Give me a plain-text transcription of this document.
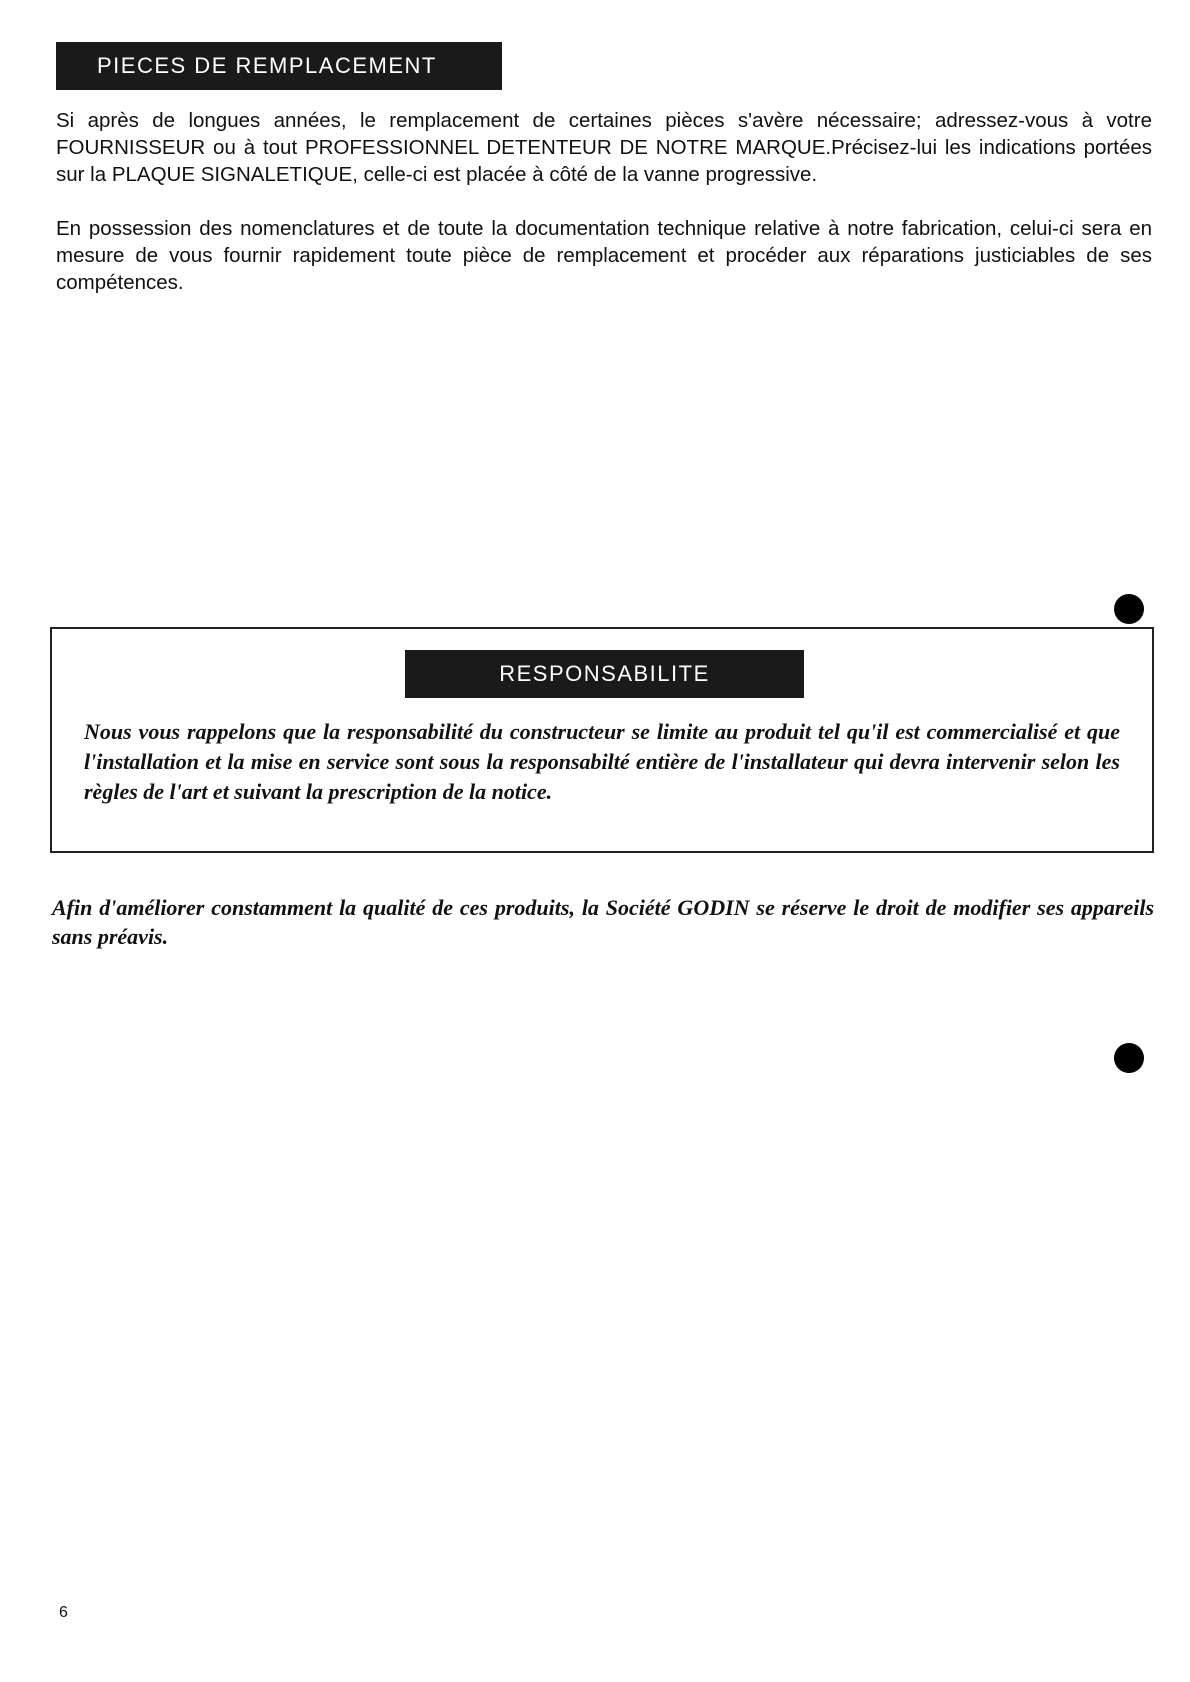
PIECES DE REMPLACEMENT

Si après de longues années, le remplacement de certaines pièces s'avère nécessaire; adressez-vous à votre FOURNISSEUR ou à tout PROFESSIONNEL DETENTEUR DE NOTRE MARQUE.Précisez-lui les indications portées sur la PLAQUE SIGNALETIQUE, celle-ci est placée à côté de la vanne progressive.

En possession des nomenclatures et de toute la documentation technique relative à notre fabrication, celui-ci sera en mesure de vous fournir rapidement toute pièce de remplacement et procéder aux réparations justiciables de ses compétences.

RESPONSABILITE

Nous vous rappelons que la responsabilité du constructeur se limite au produit tel qu'il est commercialisé et que l'installation et la mise en service sont sous la responsabilté entière de l'installateur qui devra intervenir selon les règles de l'art et suivant la prescription de la notice.

Afin d'améliorer constamment la qualité de ces produits, la Société GODIN se réserve le droit de modifier ses appareils sans préavis.

6
